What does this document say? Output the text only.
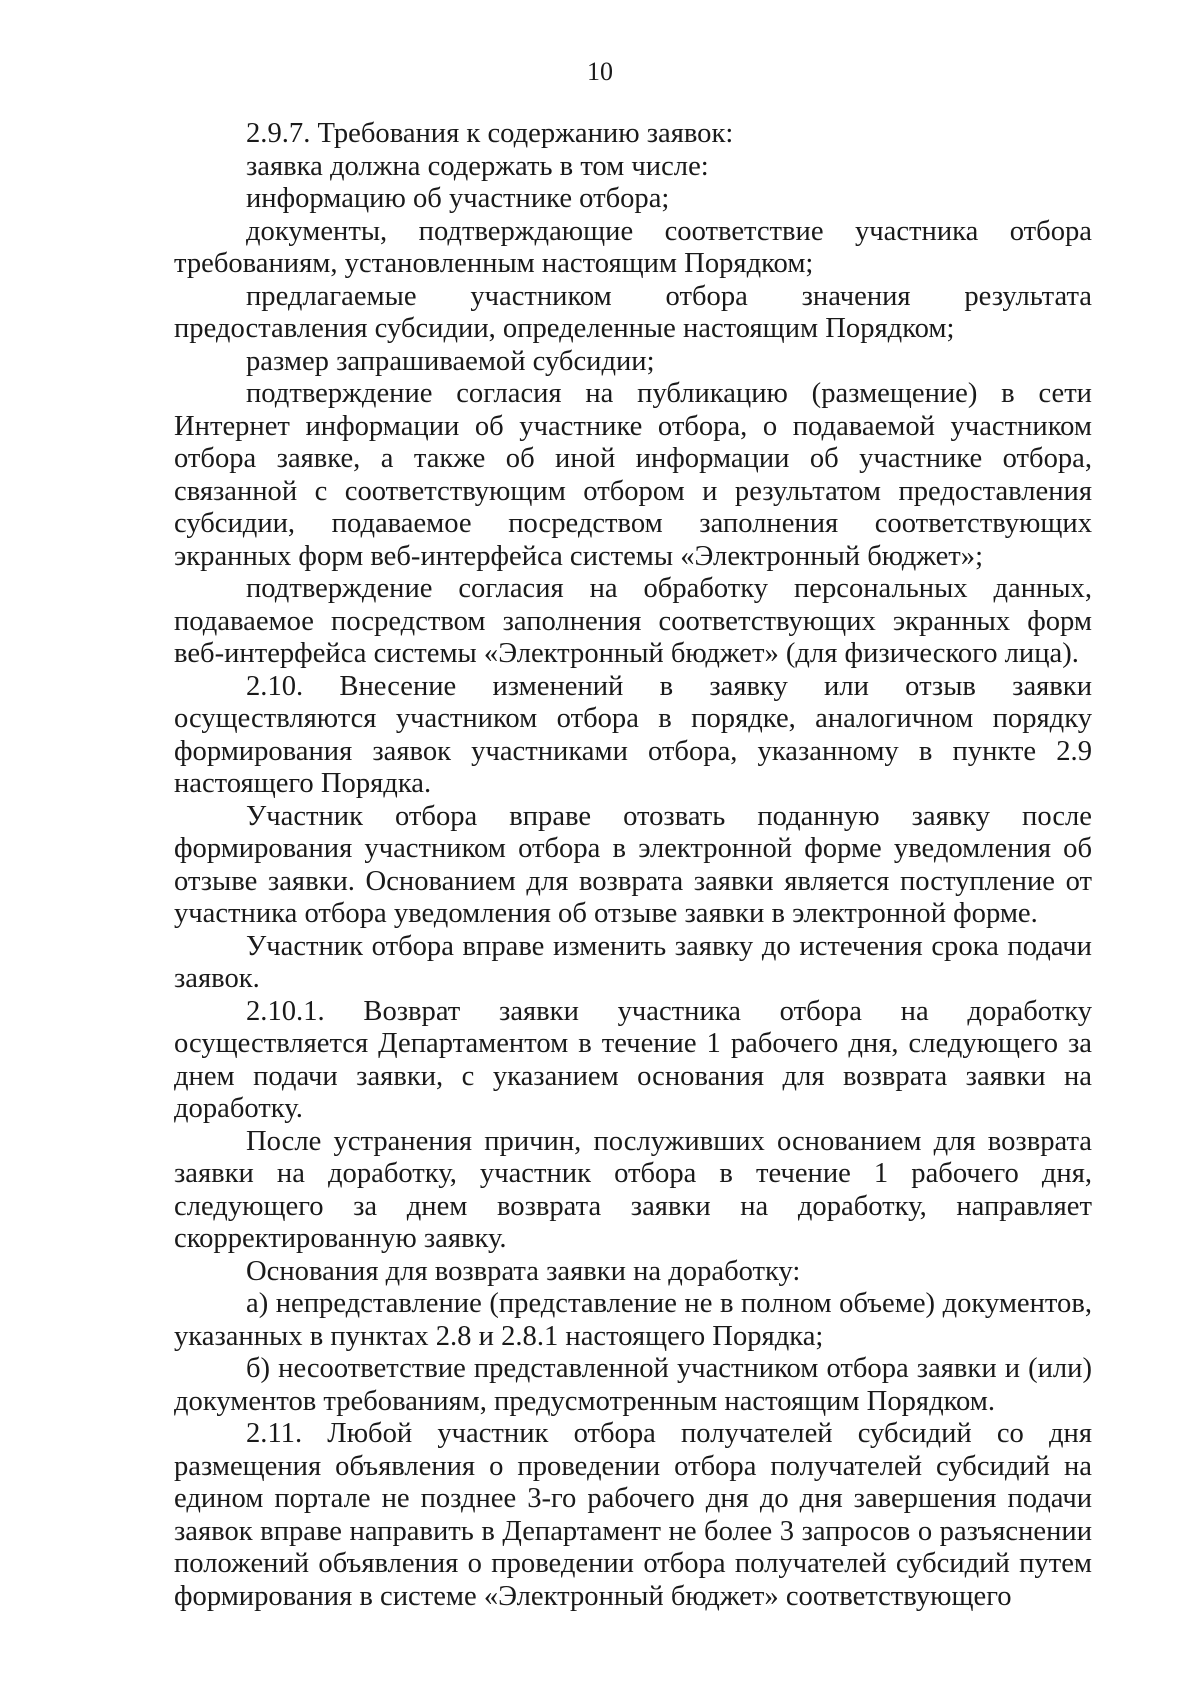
10

2.9.7. Требования к содержанию заявок:

заявка должна содержать в том числе:

информацию об участнике отбора;

документы, подтверждающие соответствие участника отбора требованиям, установленным настоящим Порядком;

предлагаемые участником отбора значения результата предоставления субсидии, определенные настоящим Порядком;

размер запрашиваемой субсидии;

подтверждение согласия на публикацию (размещение) в сети Интернет информации об участнике отбора, о подаваемой участником отбора заявке, а также об иной информации об участнике отбора, связанной с соответствующим отбором и результатом предоставления субсидии, подаваемое посредством заполнения соответствующих экранных форм веб-интерфейса системы «Электронный бюджет»;

подтверждение согласия на обработку персональных данных, подаваемое посредством заполнения соответствующих экранных форм веб-интерфейса системы «Электронный бюджет» (для физического лица).

2.10. Внесение изменений в заявку или отзыв заявки осуществляются участником отбора в порядке, аналогичном порядку формирования заявок участниками отбора, указанному в пункте 2.9 настоящего Порядка.

Участник отбора вправе отозвать поданную заявку после формирования участником отбора в электронной форме уведомления об отзыве заявки. Основанием для возврата заявки является поступление от участника отбора уведомления об отзыве заявки в электронной форме.

Участник отбора вправе изменить заявку до истечения срока подачи заявок.

2.10.1. Возврат заявки участника отбора на доработку осуществляется Департаментом в течение 1 рабочего дня, следующего за днем подачи заявки, с указанием основания для возврата заявки на доработку.

После устранения причин, послуживших основанием для возврата заявки на доработку, участник отбора в течение 1 рабочего дня, следующего за днем возврата заявки на доработку, направляет скорректированную заявку.

Основания для возврата заявки на доработку:

а) непредставление (представление не в полном объеме) документов, указанных в пунктах 2.8 и 2.8.1 настоящего Порядка;

б) несоответствие представленной участником отбора заявки и (или) документов требованиям, предусмотренным настоящим Порядком.

2.11. Любой участник отбора получателей субсидий со дня размещения объявления о проведении отбора получателей субсидий на едином портале не позднее 3-го рабочего дня до дня завершения подачи заявок вправе направить в Департамент не более 3 запросов о разъяснении положений объявления о проведении отбора получателей субсидий путем формирования в системе «Электронный бюджет» соответствующего
